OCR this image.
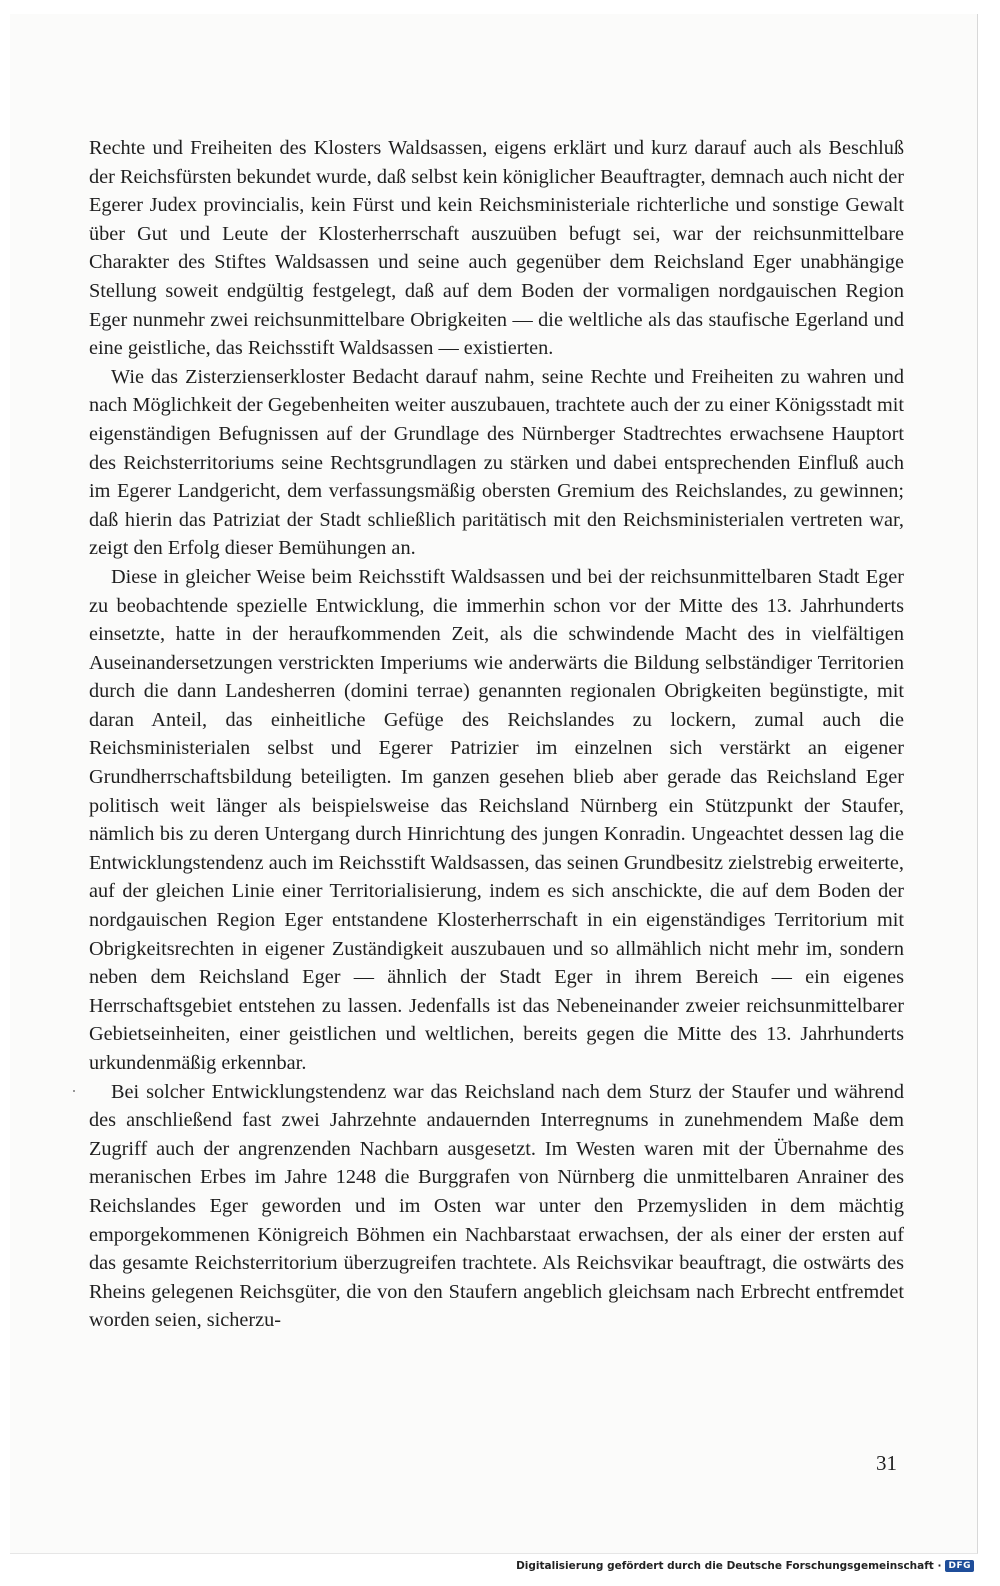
Rechte und Freiheiten des Klosters Waldsassen, eigens erklärt und kurz darauf auch als Beschluß der Reichsfürsten bekundet wurde, daß selbst kein königlicher Beauftragter, demnach auch nicht der Egerer Judex provincialis, kein Fürst und kein Reichsministeriale richterliche und sonstige Gewalt über Gut und Leute der Klosterherrschaft auszuüben befugt sei, war der reichsunmittelbare Charakter des Stiftes Waldsassen und seine auch gegenüber dem Reichsland Eger unabhängige Stellung soweit endgültig festgelegt, daß auf dem Boden der vormaligen nordgauischen Region Eger nunmehr zwei reichsunmittelbare Obrigkeiten — die weltliche als das staufische Egerland und eine geistliche, das Reichsstift Waldsassen — existierten.

Wie das Zisterzienserkloster Bedacht darauf nahm, seine Rechte und Freiheiten zu wahren und nach Möglichkeit der Gegebenheiten weiter auszubauen, trachtete auch der zu einer Königsstadt mit eigenständigen Befugnissen auf der Grundlage des Nürnberger Stadtrechtes erwachsene Hauptort des Reichsterritoriums seine Rechtsgrundlagen zu stärken und dabei entsprechenden Einfluß auch im Egerer Landgericht, dem verfassungsmäßig obersten Gremium des Reichslandes, zu gewinnen; daß hierin das Patriziat der Stadt schließlich paritätisch mit den Reichsministerialen vertreten war, zeigt den Erfolg dieser Bemühungen an.

Diese in gleicher Weise beim Reichsstift Waldsassen und bei der reichsunmittelbaren Stadt Eger zu beobachtende spezielle Entwicklung, die immerhin schon vor der Mitte des 13. Jahrhunderts einsetzte, hatte in der heraufkommenden Zeit, als die schwindende Macht des in vielfältigen Auseinandersetzungen verstrickten Imperiums wie anderwärts die Bildung selbständiger Territorien durch die dann Landesherren (domini terrae) genannten regionalen Obrigkeiten begünstigte, mit daran Anteil, das einheitliche Gefüge des Reichslandes zu lockern, zumal auch die Reichsministerialen selbst und Egerer Patrizier im einzelnen sich verstärkt an eigener Grundherrschaftsbildung beteiligten. Im ganzen gesehen blieb aber gerade das Reichsland Eger politisch weit länger als beispielsweise das Reichsland Nürnberg ein Stützpunkt der Staufer, nämlich bis zu deren Untergang durch Hinrichtung des jungen Konradin. Ungeachtet dessen lag die Entwicklungstendenz auch im Reichsstift Waldsassen, das seinen Grundbesitz zielstrebig erweiterte, auf der gleichen Linie einer Territorialisierung, indem es sich anschickte, die auf dem Boden der nordgauischen Region Eger entstandene Klosterherrschaft in ein eigenständiges Territorium mit Obrigkeitsrechten in eigener Zuständigkeit auszubauen und so allmählich nicht mehr im, sondern neben dem Reichsland Eger — ähnlich der Stadt Eger in ihrem Bereich — ein eigenes Herrschaftsgebiet entstehen zu lassen. Jedenfalls ist das Nebeneinander zweier reichsunmittelbarer Gebietseinheiten, einer geistlichen und weltlichen, bereits gegen die Mitte des 13. Jahrhunderts urkundenmäßig erkennbar.

Bei solcher Entwicklungstendenz war das Reichsland nach dem Sturz der Staufer und während des anschließend fast zwei Jahrzehnte andauernden Interregnums in zunehmendem Maße dem Zugriff auch der angrenzenden Nachbarn ausgesetzt. Im Westen waren mit der Übernahme des meranischen Erbes im Jahre 1248 die Burggrafen von Nürnberg die unmittelbaren Anrainer des Reichslandes Eger geworden und im Osten war unter den Przemysliden in dem mächtig emporgekommenen Königreich Böhmen ein Nachbarstaat erwachsen, der als einer der ersten auf das gesamte Reichsterritorium überzugreifen trachtete. Als Reichsvikar beauftragt, die ostwärts des Rheins gelegenen Reichsgüter, die von den Staufern angeblich gleichsam nach Erbrecht entfremdet worden seien, sicherzu-

31
Digitalisierung gefördert durch die Deutsche Forschungsgemeinschaft · DFG
